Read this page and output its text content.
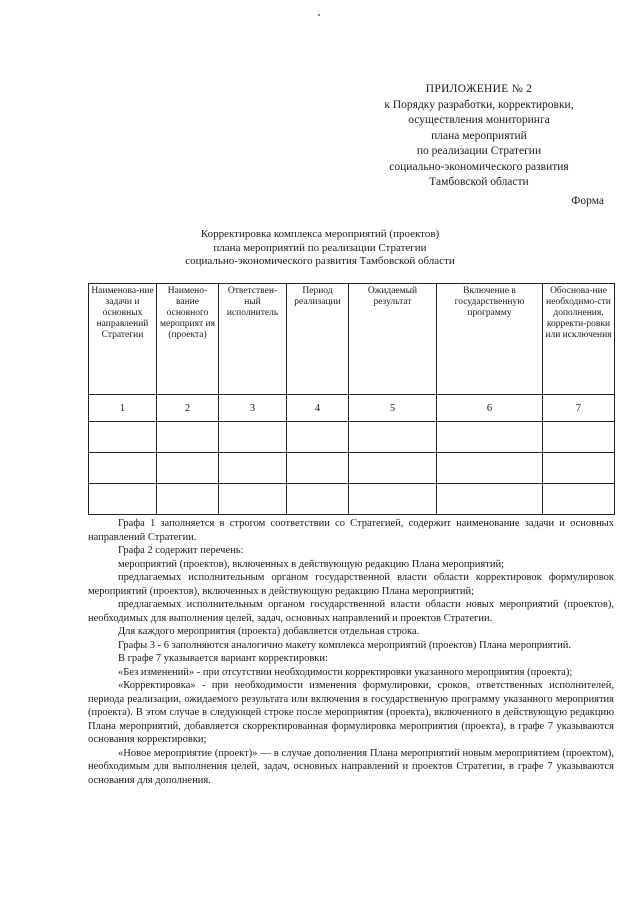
ПРИЛОЖЕНИЕ № 2
к Порядку разработки, корректировки,
осуществления мониторинга
плана мероприятий
по реализации Стратегии
социально-экономического развития
Тамбовской области
Форма
Корректировка комплекса мероприятий (проектов)
плана мероприятий по реализации Стратегии
социально-экономического развития Тамбовской области
Наименова-ние задачи и основных направлений Стратегии	Наимено-вание основного мероприят ия (проекта)	Ответствен-ный исполнитель	Период реализации	Ожидаемый результат	Включение в государственную программу	Обоснова-ние необходимо-сти дополнения, корректи-ровки или исключения
1	2	3	4	5	6	7

Графа 1 заполняется в строгом соответствии со Стратегией, содержит наименование задачи и основных направлений Стратегии.

Графа 2 содержит перечень:

мероприятий (проектов), включенных в действующую редакцию Плана мероприятий;

предлагаемых исполнительным органом государственной власти области корректировок формулировок мероприятий (проектов), включенных в действующую редакцию Плана мероприятий;

предлагаемых исполнительным органом государственной власти области новых мероприятий (проектов), необходимых для выполнения целей, задач, основных направлений и проектов Стратегии.

Для каждого мероприятия (проекта) добавляется отдельная строка.

Графы 3 - 6 заполняются аналогично макету комплекса мероприятий (проектов) Плана мероприятий.

В графе 7 указывается вариант корректировки:

«Без изменений» - при отсутствии необходимости корректировки указанного мероприятия (проекта);

«Корректировка» - при необходимости изменения формулировки, сроков, ответственных исполнителей, периода реализации, ожидаемого результата или включения в государственную программу указанного мероприятия (проекта). В этом случае в следующей строке после мероприятия (проекта), включенного в действующую редакцию Плана мероприятий, добавляется скорректированная формулировка мероприятия (проекта), в графе 7 указываются основания корректировки;

«Новое мероприятие (проект)» — в случае дополнения Плана мероприятий новым мероприятием (проектом), необходимым для выполнения целей, задач, основных направлений и проектов Стратегии, в графе 7 указываются основания для дополнения.
